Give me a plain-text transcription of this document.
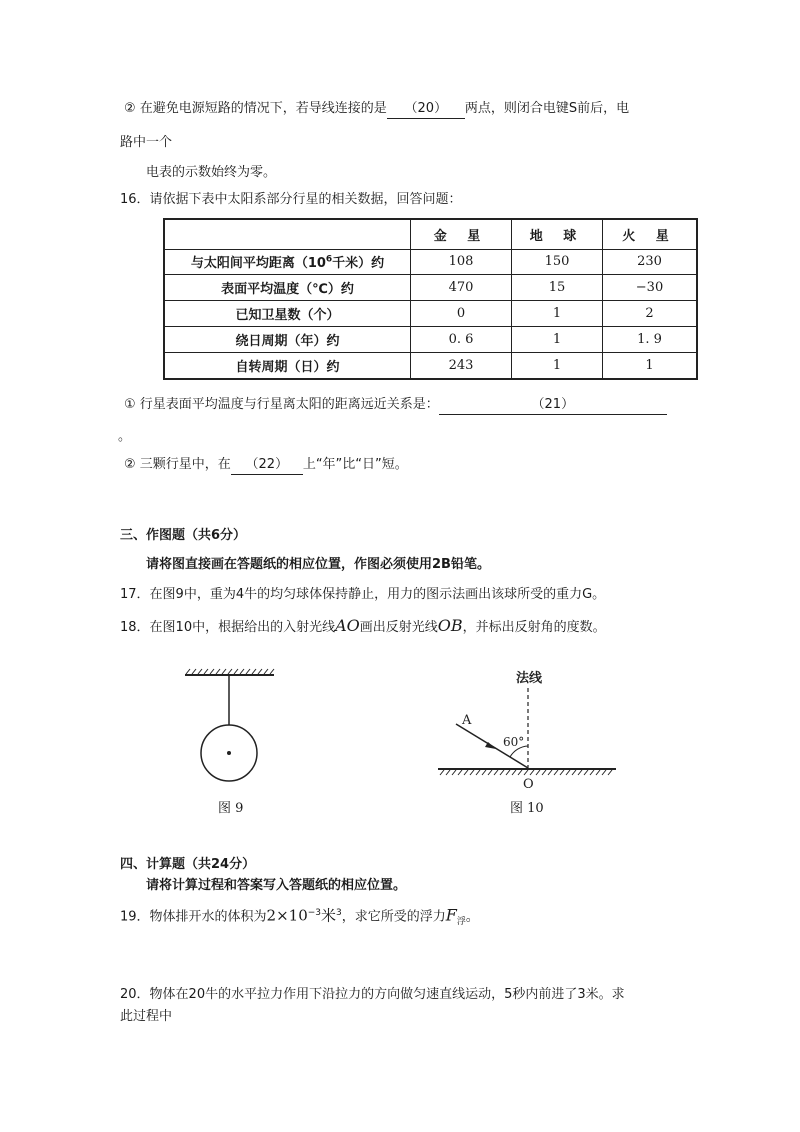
② 在避免电源短路的情况下，若导线连接的是 （20） 两点，则闭合电键S前后，电
路中一个
电表的示数始终为零。
16．请依据下表中太阳系部分行星的相关数据，回答问题：
	金 星	地 球	火 星
与太阳间平均距离（$10^6$千米）约	108	150	230
表面平均温度（℃）约	470	15	−30
已知卫星数（个）	0	1	2
绕日周期（年）约	0. 6	1	1. 9
自转周期（日）约	243	1	1
① 行星表面平均温度与行星离太阳的距离远近关系是：	（21）
。
② 三颗行星中，在 （22） 上“年”比“日”短。
三、作图题（共6分）
请将图直接画在答题纸的相应位置，作图必须使用2B铅笔。
17．在图9中，重为4牛的均匀球体保持静止，用力的图示法画出该球所受的重力G。
18．在图10中，根据给出的入射光线AO画出反射光线OB，并标出反射角的度数。
图 9
法线
A
60°
O
图 10
四、计算题（共24分）
请将计算过程和答案写入答题纸的相应位置。
19．物体排开水的体积为$2\times 10^{-3}$米$^3$，求它所受的浮力$F_浮$。
20．物体在20牛的水平拉力作用下沿拉力的方向做匀速直线运动，5秒内前进了3米。求
此过程中
